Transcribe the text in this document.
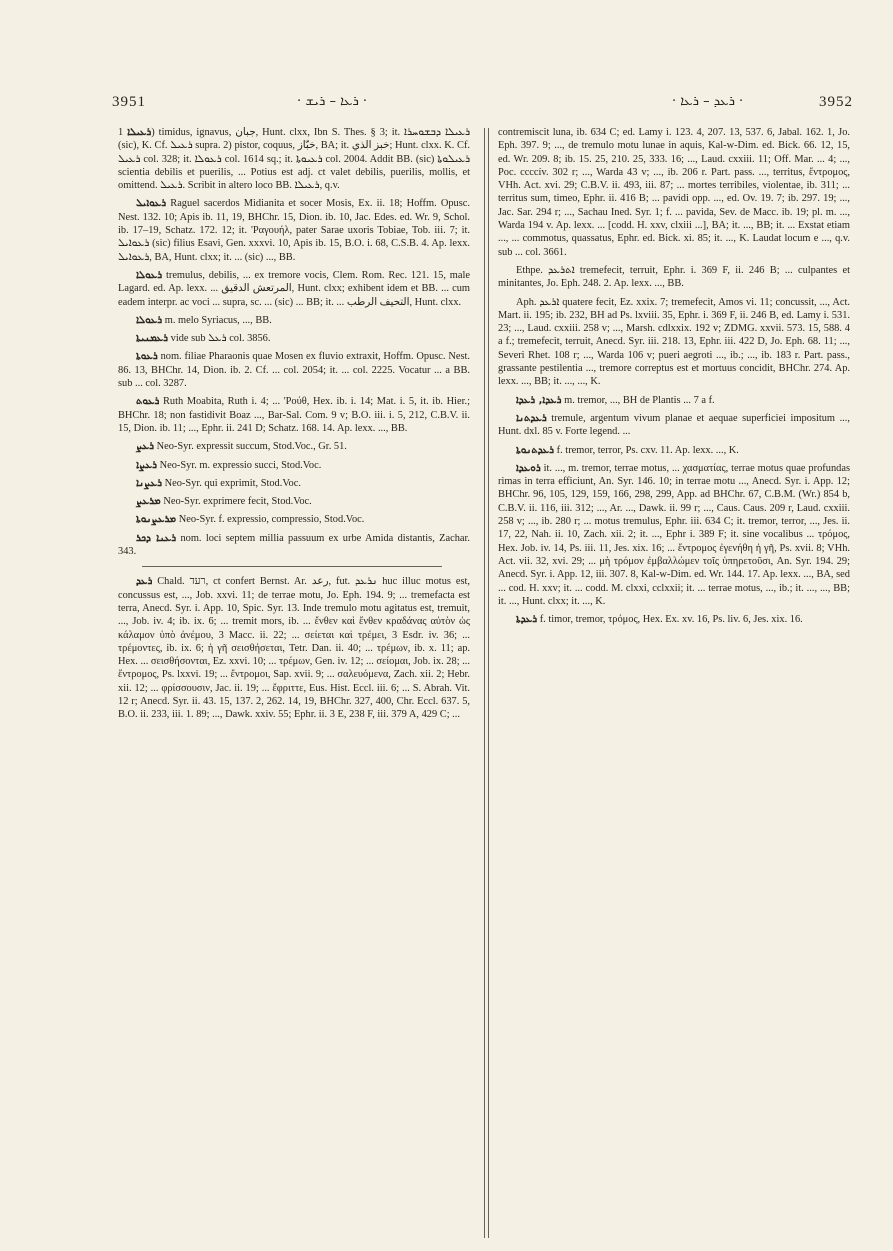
3951	· ܪܥܐ – ܪܝܫ ·	· ܪܥܕ – ܪܥܐ ·	3952

ܪܥܝܠܐ 1) timidus, ignavus, جبان, Hunt. clxx, Ibn S. Thes. § 3; it. ܪܥܝܠܐ ܕܒܫܘܚܪܐ (sic), K. Cf. ܪܥܝܠ supra. 2) pistor, coquus, خبّاز, BA; it. خبز الذي; Hunt. clxx. K. Cf. ܪܥܝܠ col. 328; it. ܪܥܘܠܐ col. 1614 sq.; it. ܪܥܝܘܬܐ col. 2004. Addit BB. (sic) ܪܥܝܠܘܬܐ scientia debilis et puerilis, ... Potius est adj. ct valet debilis, puerilis, mollis, et omittend. ܪܥܝܠ. Scribit in altero loco BB. ܪܥܝܠܐ, q.v.

ܪܥܘܐܝܠ Raguel sacerdos Midianita et socer Mosis, Ex. ii. 18; Hoffm. Opusc. Nest. 132. 10; Apis ib. 11, 19, BHChr. 15, Dion. ib. 10, Jac. Edes. ed. Wr. 9, Schol. ib. 17–19, Schatz. 172. 12; it. 'Ραγουήλ, pater Sarae uxoris Tobiae, Tob. iii. 7; it. ܪܥܘܐܝܠ (sic) filius Esavi, Gen. xxxvi. 10, Apis ib. 15, B.O. i. 68, C.S.B. 4. Ap. lexx. ܪܥܘܐܝܠ, BA, Hunt. clxx; it. ... (sic) ..., BB.

ܪܥܘܠܐ tremulus, debilis, ... ex tremore vocis, Clem. Rom. Rec. 121. 15, male Lagard. ed. Ap. lexx. ... المرتعش الدقيق, Hunt. clxx; exhibent idem et BB. ... cum eadem interpr. ac voci ... supra, sc. ... (sic) ... BB; it. ... التحيف الرطب, Hunt. clxx.

ܪܥܘܠܐ m. melo Syriacus, ..., BB.

ܪܥܡܢܝܬܐ vide sub ܪܥܠ col. 3856.

ܪܥܘܬܐ nom. filiae Pharaonis quae Mosen ex fluvio extraxit, Hoffm. Opusc. Nest. 86. 13, BHChr. 14, Dion. ib. 2. Cf. ... col. 2054; it. ... col. 2225. Vocatur ... a BB. sub ... col. 3287.

ܪܥܘܬ Ruth Moabita, Ruth i. 4; ... 'Ρούθ, Hex. ib. i. 14; Mat. i. 5, it. ib. Hier.; BHChr. 18; non fastidivit Boaz ..., Bar-Sal. Com. 9 v; B.O. iii. i. 5, 212, C.B.V. ii. 15, Dion. ib. 11; ..., Ephr. ii. 241 D; Schatz. 168. 14. Ap. lexx. ..., BB.

ܪܥܨ Neo-Syr. expressit succum, Stod.Voc., Gr. 51.

ܪܥܨܐ Neo-Syr. m. expressio succi, Stod.Voc.

ܪܥܨܢܐ Neo-Syr. qui exprimit, Stod.Voc.

ܡܪܥܨ Neo-Syr. exprimere fecit, Stod.Voc.

ܡܪܥܨܢܘܬܐ Neo-Syr. f. expressio, compressio, Stod.Voc.

ܪܥܢܐ ܕܟܪ nom. loci septem millia passuum ex urbe Amida distantis, Zachar. 343.

ܪܥܕ Chald. רעד, ct confert Bernst. Ar. رعد, fut. ܢܪܥܕ huc illuc motus est, concussus est, ..., Job. xxvi. 11; de terrae motu, Jo. Eph. 194. 9; ... tremefacta est terra, Anecd. Syr. i. App. 10, Spic. Syr. 13. Inde tremulo motu agitatus est, tremuit, ..., Job. iv. 4; ib. ix. 6; ... tremit mors, ib. ... ἔνθεν καὶ ἔνθεν κραδάνας αὐτὸν ὡς κάλαμον ὑπὸ ἀνέμου, 3 Macc. ii. 22; ... σείεται καὶ τρέμει, 3 Esdr. iv. 36; ... τρέμοντες, ib. ix. 6; ἡ γῆ σεισθήσεται, Tetr. Dan. ii. 40; ... τρέμων, ib. x. 11; ap. Hex. ... σεισθήσονται, Ez. xxvi. 10; ... τρέμων, Gen. iv. 12; ... σείομαι, Job. ix. 28; ... ἔντρομος, Ps. lxxvi. 19; ... ἔντρομοι, Sap. xvii. 9; ... σαλευόμενα, Zach. xii. 2; Hebr. xii. 12; ... φρίσσουσιν, Jac. ii. 19; ... ἔφριττε, Eus. Hist. Eccl. iii. 6; ... S. Abrah. Vit. 12 r; Anecd. Syr. ii. 43. 15, 137. 2, 262. 14, 19, BHChr. 327, 400, Chr. Eccl. 637. 5, B.O. ii. 233, iii. 1. 89; ..., Dawk. xxiv. 55; Ephr. ii. 3 E, 238 F, iii. 379 A, 429 C; ...

contremiscit luna, ib. 634 C; ed. Lamy i. 123. 4, 207. 13, 537. 6, Jabal. 162. 1, Jo. Eph. 397. 9; ..., de tremulo motu lunae in aquis, Kal-w-Dim. ed. Bick. 66. 12, 15, ed. Wr. 209. 8; ib. 15. 25, 210. 25, 333. 16; ..., Laud. cxxiii. 11; Off. Mar. ... 4; ..., Poc. ccccív. 302 r; ..., Warda 43 v; ..., ib. 206 r. Part. pass. ..., territus, ἔντρομος, VHh. Act. xvi. 29; C.B.V. ii. 493, iii. 87; ... mortes terribiles, violentae, ib. 311; ... territus sum, timeo, Ephr. ii. 416 B; ... pavidi opp. ..., ed. Ov. 19. 7; ib. 297. 19; ..., Jac. Sar. 294 r; ..., Sachau Ined. Syr. 1; f. ... pavida, Sev. de Macc. ib. 19; pl. m. ..., Warda 194 v. Ap. lexx. ... [codd. H. xxv, clxiii ...], BA; it. ..., BB; it. ... Exstat etiam ..., ... commotus, quassatus, Ephr. ed. Bick. xi. 85; it. ..., K. Laudat locum e ..., q.v. sub ... col. 3661.

Ethpe. ܐܬܪܥܕ tremefecit, terruit, Ephr. i. 369 F, ii. 246 B; ... culpantes et minitantes, Jo. Eph. 248. 2. Ap. lexx. ..., BB.

Aph. ܐܪܥܕ quatere fecit, Ez. xxix. 7; tremefecit, Amos vi. 11; concussit, ..., Act. Mart. ii. 195; ib. 232, BH ad Ps. lxviii. 35, Ephr. i. 369 F, ii. 246 B, ed. Lamy i. 531. 23; ..., Laud. cxxiii. 258 v; ..., Marsh. cdlxxix. 192 v; ZDMG. xxvii. 573. 15, 588. 4 a f.; tremefecit, terruit, Anecd. Syr. iii. 218. 13, Ephr. iii. 422 D, Jo. Eph. 68. 11; ..., Severi Rhet. 108 r; ..., Warda 106 v; pueri aegroti ..., ib.; ..., ib. 183 r. Part. pass., grassante pestilentia ..., tremore correptus est et mortuus concidit, BHChr. 274. Ap. lexx. ..., BB; it. ..., ..., K.

ܪܥܕܐ, ܪܥܕܐ m. tremor, ..., BH de Plantis ... 7 a f.

ܪܥܕܬܢܐ tremule, argentum vivum planae et aequae superficiei impositum ..., Hunt. dxl. 85 v. Forte legend. ...

ܪܥܕܬܢܘܬܐ f. tremor, terror, Ps. cxv. 11. Ap. lexx. ..., K.

ܪܘܥܕܐ it. ..., m. tremor, terrae motus, ... χασματίας, terrae motus quae profundas rimas in terra efficiunt, An. Syr. 146. 10; in terrae motu ..., Anecd. Syr. i. App. 12; BHChr. 96, 105, 129, 159, 166, 298, 299, App. ad BHChr. 67, C.B.M. (Wr.) 854 b, C.B.V. ii. 116, iii. 312; ..., Ar. ..., Dawk. ii. 99 r; ..., Caus. Caus. 209 r, Laud. cxxiii. 258 v; ..., ib. 280 r; ... motus tremulus, Ephr. iii. 634 C; it. tremor, terror, ..., Jes. ii. 17, 22, Nah. ii. 10, Zach. xii. 2; it. ..., Ephr i. 389 F; it. sine vocalibus ... τρόμος, Hex. Job. iv. 14, Ps. iii. 11, Jes. xix. 16; ... ἔντρομος ἐγενήθη ἡ γῆ, Ps. xvii. 8; VHh. Act. vii. 32, xvi. 29; ... μὴ τρόμον ἐμβαλλώμεν τοῖς ὑπηρετοῦσι, An. Syr. 194. 29; Anecd. Syr. i. App. 12, iii. 307. 8, Kal-w-Dim. ed. Wr. 144. 17. Ap. lexx. ..., BA, sed ... cod. H. xxv; it. ... codd. M. clxxi, cclxxii; it. ... terrae motus, ..., ib.; it. ..., ..., BB; it. ..., Hunt. clxx; it. ..., K.

ܪܥܕܬܐ f. timor, tremor, τρόμος, Hex. Ex. xv. 16, Ps. liv. 6, Jes. xix. 16.
